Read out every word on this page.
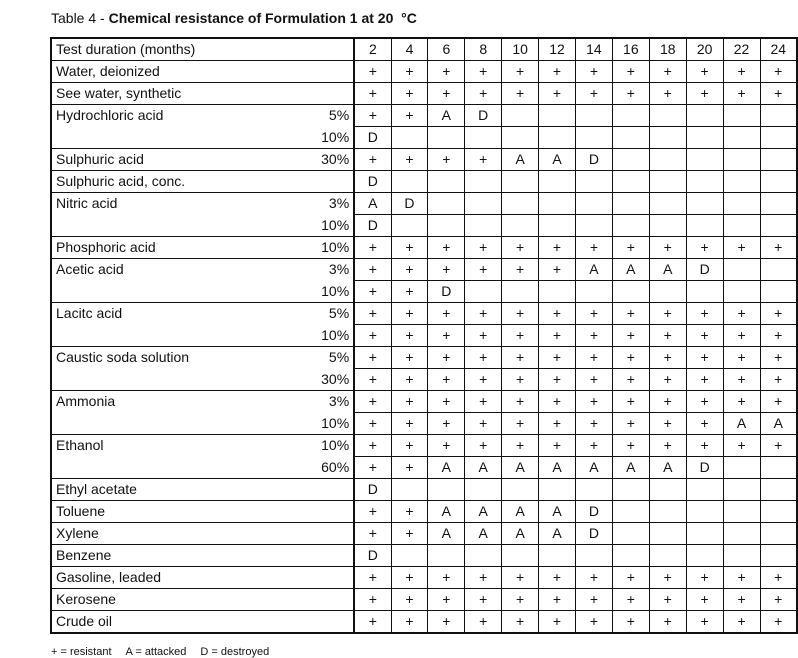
Table 4 - Chemical resistance of Formulation 1 at 20  °C
Test duration (months)		2	4	6	8	10	12	14	16	18	20	22	24
Water, deionized		+	+	+	+	+	+	+	+	+	+	+	+
See water, synthetic		+	+	+	+	+	+	+	+	+	+	+	+
Hydrochloric acid	5%	+	+	A	D								
	10%	D											
Sulphuric acid	30%	+	+	+	+	A	A	D					
Sulphuric acid, conc.		D											
Nitric acid	3%	A	D										
	10%	D											
Phosphoric acid	10%	+	+	+	+	+	+	+	+	+	+	+	+
Acetic acid	3%	+	+	+	+	+	+	A	A	A	D		
	10%	+	+	D									
Lacitc acid	5%	+	+	+	+	+	+	+	+	+	+	+	+
	10%	+	+	+	+	+	+	+	+	+	+	+	+
Caustic soda solution	5%	+	+	+	+	+	+	+	+	+	+	+	+
	30%	+	+	+	+	+	+	+	+	+	+	+	+
Ammonia	3%	+	+	+	+	+	+	+	+	+	+	+	+
	10%	+	+	+	+	+	+	+	+	+	+	A	A
Ethanol	10%	+	+	+	+	+	+	+	+	+	+	+	+
	60%	+	+	A	A	A	A	A	A	A	D		
Ethyl acetate		D											
Toluene		+	+	A	A	A	A	D					
Xylene		+	+	A	A	A	A	D					
Benzene		D											
Gasoline, leaded		+	+	+	+	+	+	+	+	+	+	+	+
Kerosene		+	+	+	+	+	+	+	+	+	+	+	+
Crude oil		+	+	+	+	+	+	+	+	+	+	+	+
+ = resistant A = attacked D = destroyed
